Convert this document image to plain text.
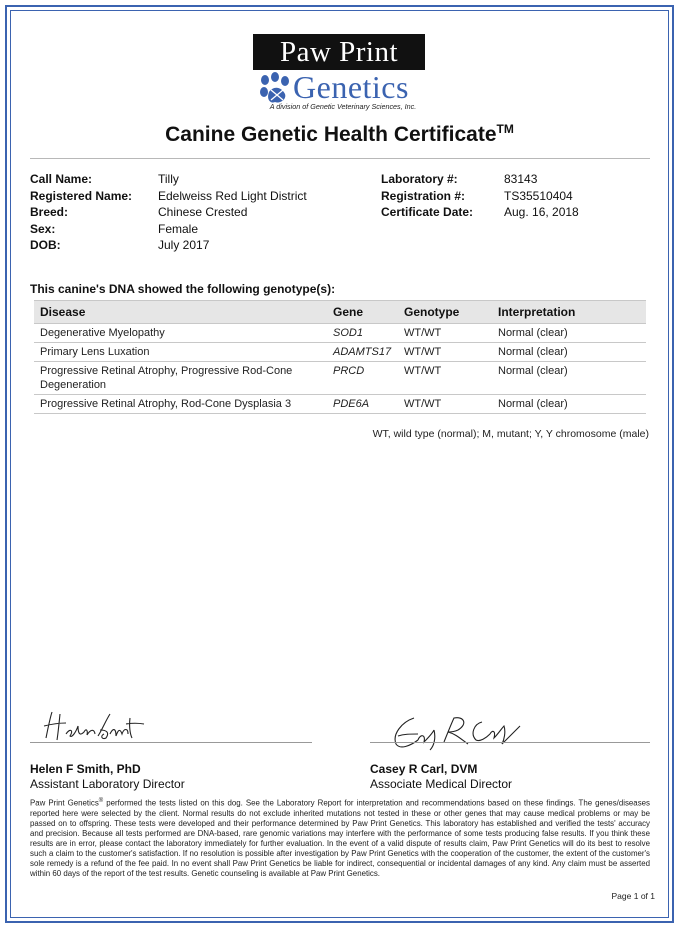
Paw Print
Genetics
A division of Genetic Veterinary Sciences, Inc.
Canine Genetic Health Certificate™
Call Name:	Tilly
Registered Name: Edelweiss Red Light District
Breed:	Chinese Crested
Sex:	Female
DOB:	July 2017
Laboratory #:	83143
Registration #:	TS35510404
Certificate Date:	Aug. 16, 2018
This canine's DNA showed the following genotype(s):
Disease	Gene	Genotype	Interpretation
Degenerative Myelopathy	SOD1	WT/WT	Normal (clear)
Primary Lens Luxation	ADAMTS17	WT/WT	Normal (clear)
Progressive Retinal Atrophy, Progressive Rod-Cone Degeneration	PRCD	WT/WT	Normal (clear)
Progressive Retinal Atrophy, Rod-Cone Dysplasia 3	PDE6A	WT/WT	Normal (clear)
WT, wild type (normal); M, mutant; Y, Y chromosome (male)
Helen F Smith, PhD
Assistant Laboratory Director
Casey R Carl, DVM
Associate Medical Director
Paw Print Genetics® performed the tests listed on this dog. See the Laboratory Report for interpretation and recommendations based on these findings. The genes/diseases reported here were selected by the client. Normal results do not exclude inherited mutations not tested in these or other genes that may cause medical problems or may be passed on to offspring. These tests were developed and their performance determined by Paw Print Genetics. This laboratory has established and verified the tests' accuracy and precision. Because all tests performed are DNA-based, rare genomic variations may interfere with the performance of some tests producing false results. If you think these results are in error, please contact the laboratory immediately for further evaluation. In the event of a valid dispute of results claim, Paw Print Genetics will do its best to resolve such a claim to the customer's satisfaction. If no resolution is possible after investigation by Paw Print Genetics with the cooperation of the customer, the extent of the customer's sole remedy is a refund of the fee paid. In no event shall Paw Print Genetics be liable for indirect, consequential or incidental damages of any kind. Any claim must be asserted within 60 days of the report of the test results. Genetic counseling is available at Paw Print Genetics.
Page 1 of 1
